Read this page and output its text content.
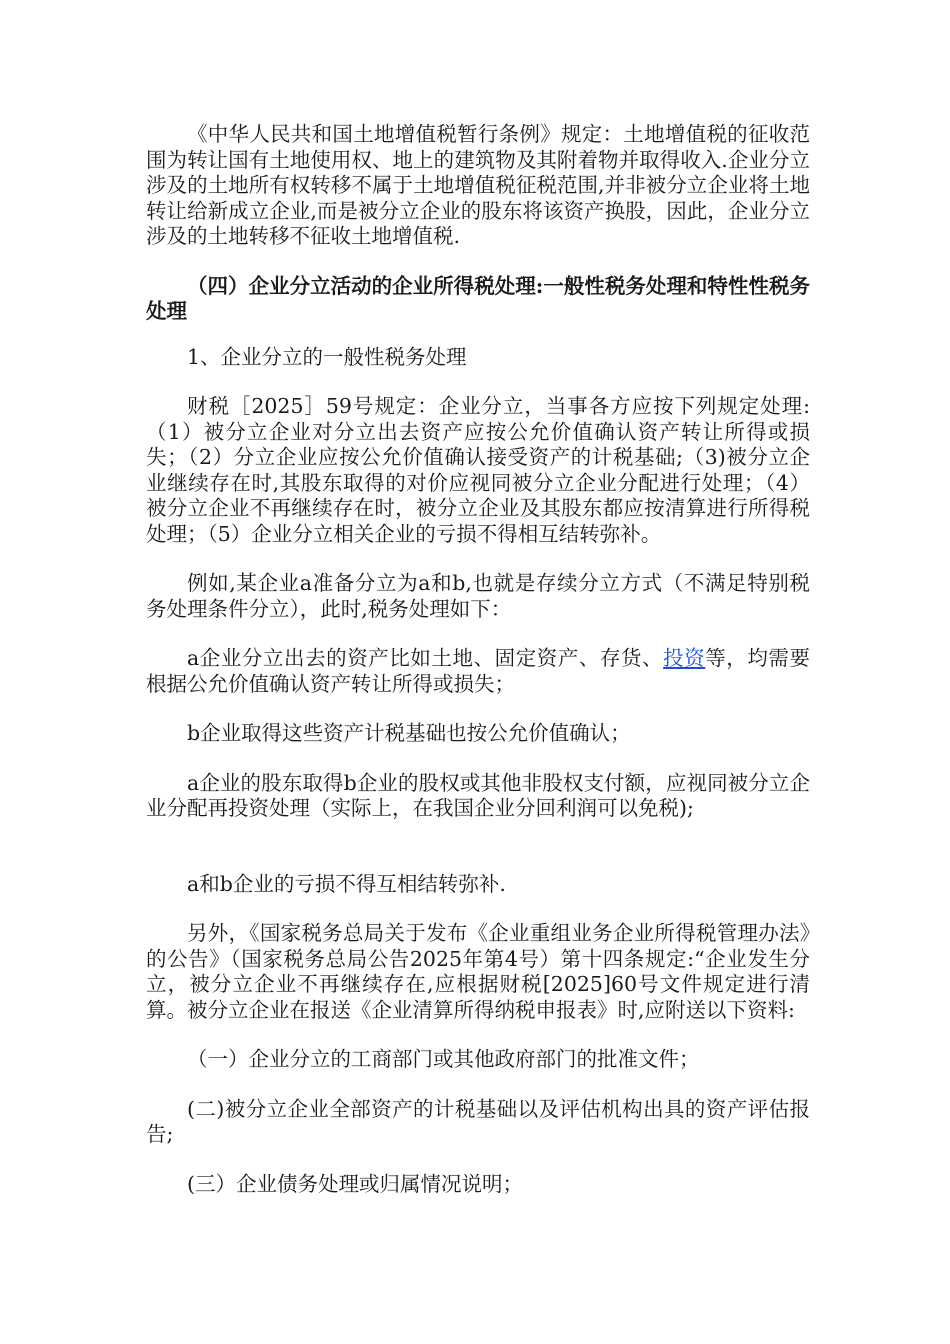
《中华人民共和国土地增值税暂行条例》规定：土地增值税的征收范围为转让国有土地使用权、地上的建筑物及其附着物并取得收入.企业分立涉及的土地所有权转移不属于土地增值税征税范围,并非被分立企业将土地转让给新成立企业,而是被分立企业的股东将该资产换股，因此，企业分立涉及的土地转移不征收土地增值税.

（四）企业分立活动的企业所得税处理:一般性税务处理和特性性税务处理

1、企业分立的一般性税务处理

财税［2025］59号规定：企业分立，当事各方应按下列规定处理:（1）被分立企业对分立出去资产应按公允价值确认资产转让所得或损失；（2）分立企业应按公允价值确认接受资产的计税基础;（3)被分立企业继续存在时,其股东取得的对价应视同被分立企业分配进行处理；（4）被分立企业不再继续存在时，被分立企业及其股东都应按清算进行所得税处理；（5）企业分立相关企业的亏损不得相互结转弥补。

例如,某企业a准备分立为a和b,也就是存续分立方式（不满足特别税务处理条件分立），此时,税务处理如下：

a企业分立出去的资产比如土地、固定资产、存货、投资等，均需要根据公允价值确认资产转让所得或损失；

b企业取得这些资产计税基础也按公允价值确认；

a企业的股东取得b企业的股权或其他非股权支付额，应视同被分立企业分配再投资处理（实际上，在我国企业分回利润可以免税);

a和b企业的亏损不得互相结转弥补.

另外，《国家税务总局关于发布《企业重组业务企业所得税管理办法》的公告》（国家税务总局公告2025年第4号）第十四条规定:“企业发生分立，被分立企业不再继续存在,应根据财税[2025]60号文件规定进行清算。被分立企业在报送《企业清算所得纳税申报表》时,应附送以下资料:

（一）企业分立的工商部门或其他政府部门的批准文件；

(二)被分立企业全部资产的计税基础以及评估机构出具的资产评估报告;

(三）企业债务处理或归属情况说明；
